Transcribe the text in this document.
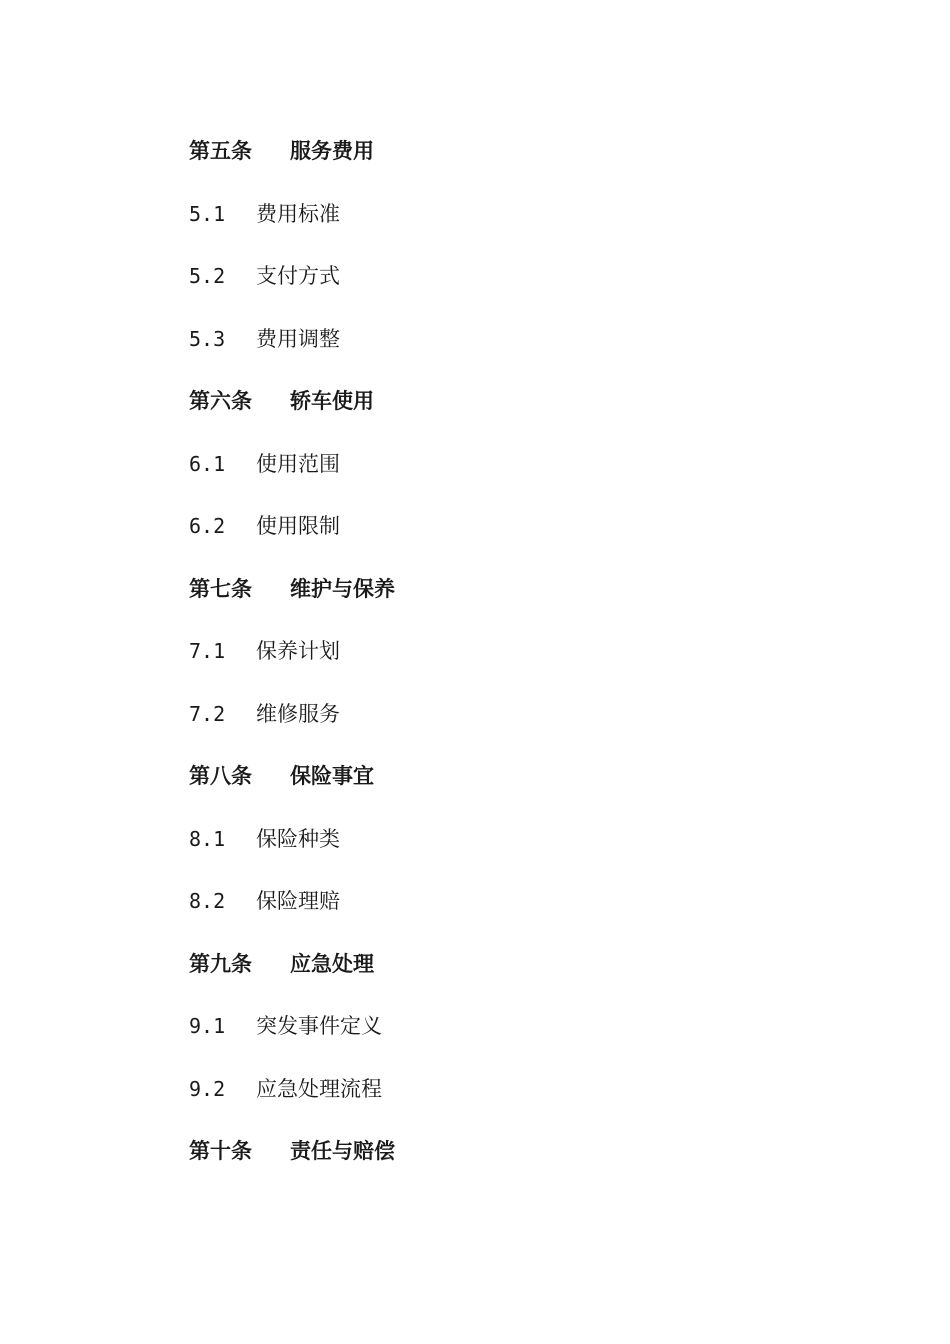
第五条	服务费用
5.1	费用标准
5.2	支付方式
5.3	费用调整
第六条	轿车使用
6.1	使用范围
6.2	使用限制
第七条	维护与保养
7.1	保养计划
7.2	维修服务
第八条	保险事宜
8.1	保险种类
8.2	保险理赔
第九条	应急处理
9.1	突发事件定义
9.2	应急处理流程
第十条	责任与赔偿
